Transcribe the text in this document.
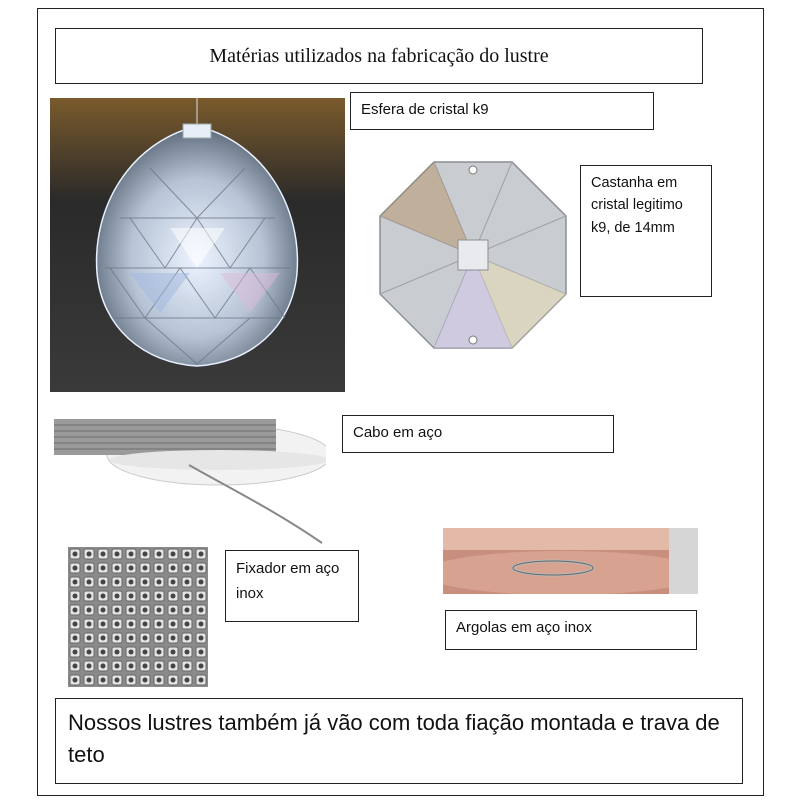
Matérias utilizados na fabricação do lustre
Esfera de cristal k9
Castanha em cristal legitimo k9, de 14mm
Cabo em aço
Fixador em aço inox
Argolas em aço inox
Nossos lustres também já vão com toda fiação montada e trava de teto
